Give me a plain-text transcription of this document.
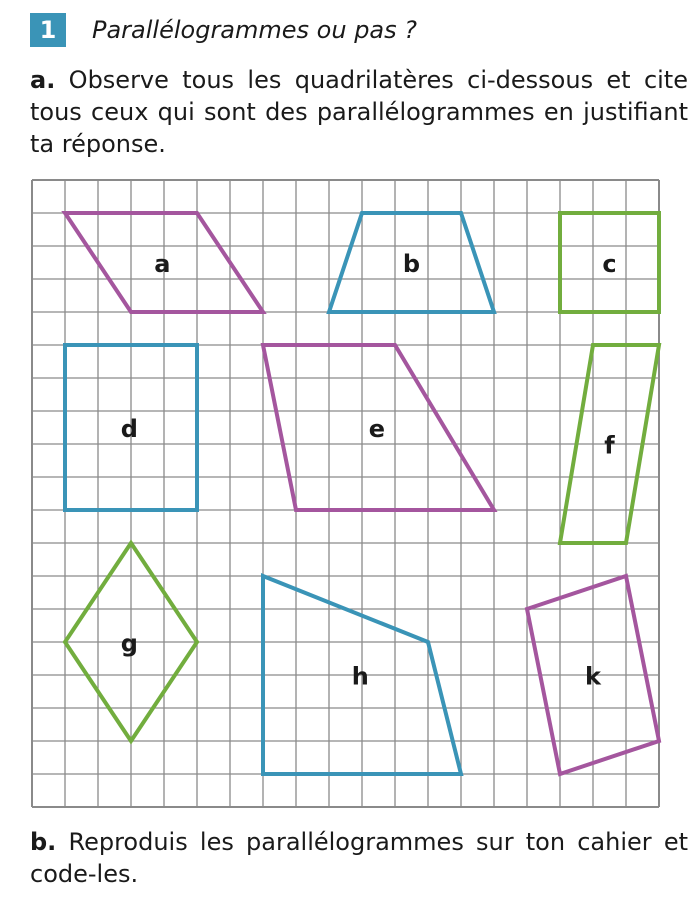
1	Parallélogrammes ou pas ?

a. Observe tous les quadrilatères ci-dessous et cite tous ceux qui sont des parallélogrammes en justifiant ta réponse.

a	b	c
d	e
f
g
h	k

b. Reproduis les parallélogrammes sur ton cahier et code-les.
